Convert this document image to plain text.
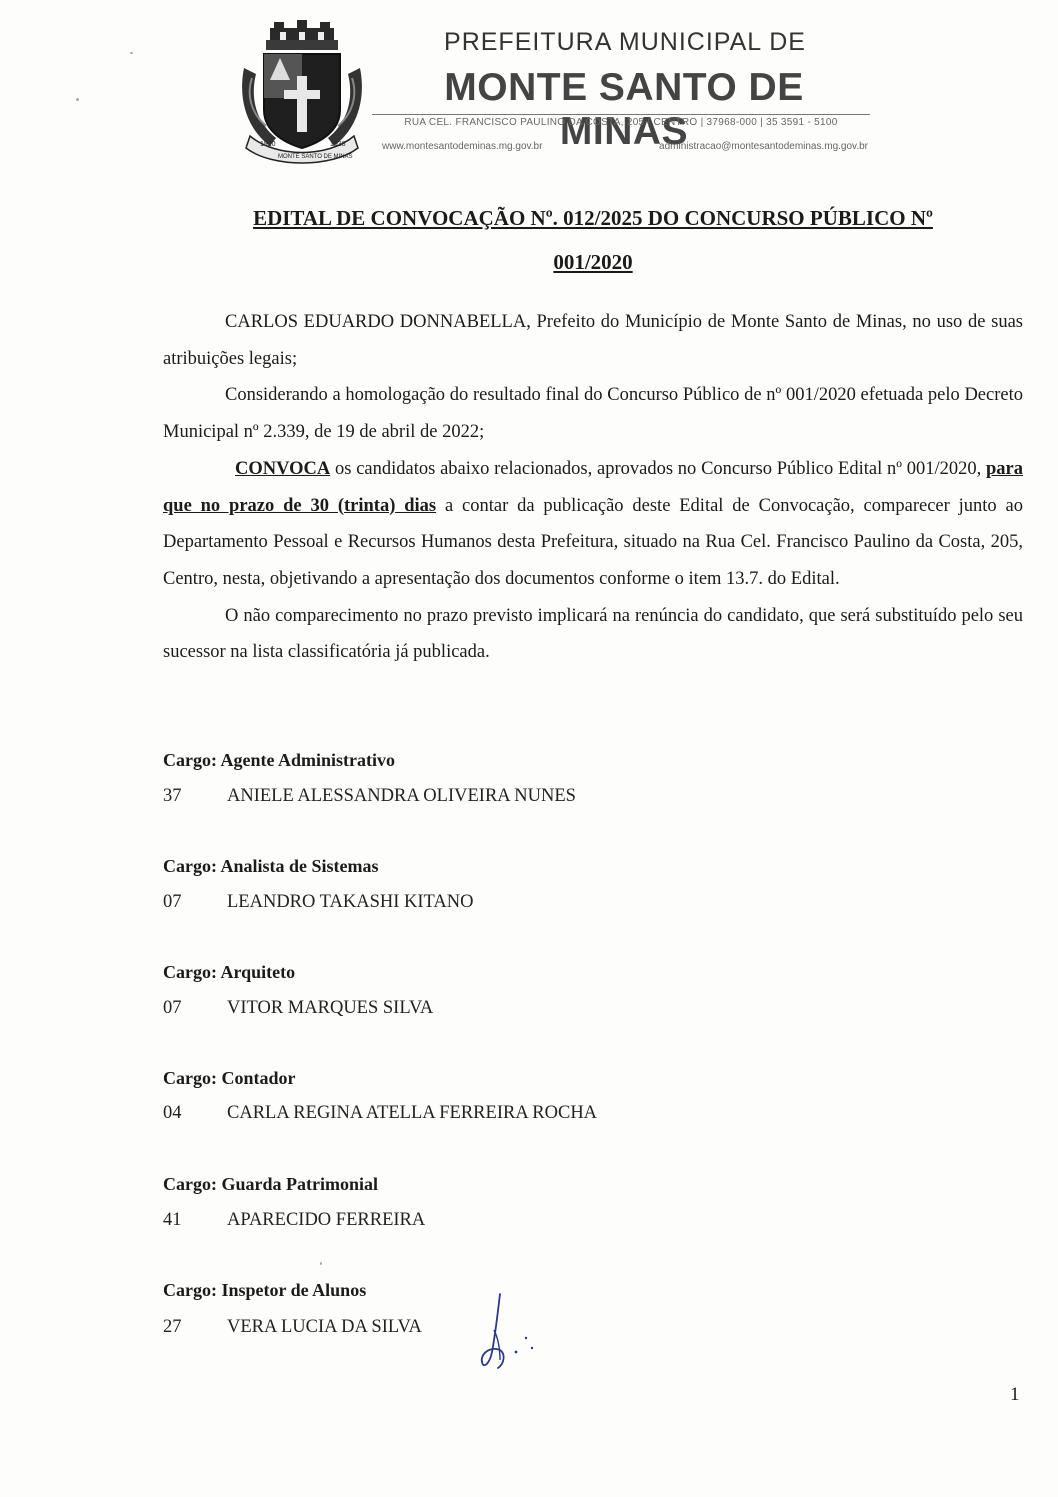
1920	1938
MONTE SANTO DE MINAS
PREFEITURA MUNICIPAL DE
MONTE SANTO DE MINAS
RUA CEL. FRANCISCO PAULINO DA COSTA, 205 | CENTRO | 37968-000 | 35 3591 - 5100
www.montesantodeminas.mg.gov.br	administracao@montesantodeminas.mg.gov.br
EDITAL DE CONVOCAÇÃO Nº. 012/2025 DO CONCURSO PÚBLICO Nº
001/2020

CARLOS EDUARDO DONNABELLA, Prefeito do Município de Monte Santo de Minas, no uso de suas atribuições legais;

Considerando a homologação do resultado final do Concurso Público de nº 001/2020 efetuada pelo Decreto Municipal nº 2.339, de 19 de abril de 2022;

CONVOCA os candidatos abaixo relacionados, aprovados no Concurso Público Edital nº 001/2020, para que no prazo de 30 (trinta) dias a contar da publicação deste Edital de Convocação, comparecer junto ao Departamento Pessoal e Recursos Humanos desta Prefeitura, situado na Rua Cel. Francisco Paulino da Costa, 205, Centro, nesta, objetivando a apresentação dos documentos conforme o item 13.7. do Edital.

O não comparecimento no prazo previsto implicará na renúncia do candidato, que será substituído pelo seu sucessor na lista classificatória já publicada.

Cargo: Agente Administrativo
37 ANIELE ALESSANDRA OLIVEIRA NUNES
Cargo: Analista de Sistemas
07 LEANDRO TAKASHI KITANO
Cargo: Arquiteto
07 VITOR MARQUES SILVA
Cargo: Contador
04 CARLA REGINA ATELLA FERREIRA ROCHA
Cargo: Guarda Patrimonial
41 APARECIDO FERREIRA
Cargo: Inspetor de Alunos
27 VERA LUCIA DA SILVA
1
